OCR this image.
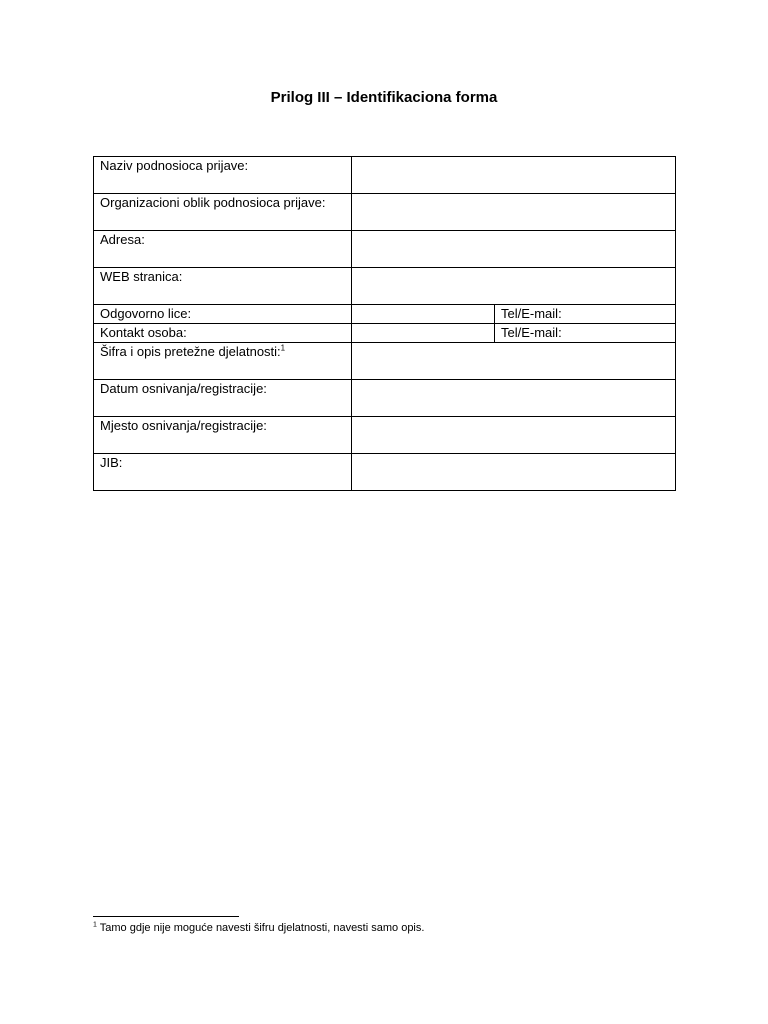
Prilog III – Identifikaciona forma
Naziv podnosioca prijave:		
Organizacioni oblik podnosioca prijave:		
Adresa:		
WEB stranica:		
Odgovorno lice:		Tel/E-mail:
Kontakt osoba:		Tel/E-mail:
Šifra i opis pretežne djelatnosti:$^1$	
Datum osnivanja/registracije:		
Mjesto osnivanja/registracije:		
JIB:		
$^1$ Tamo gdje nije moguće navesti šifru djelatnosti, navesti samo opis.
